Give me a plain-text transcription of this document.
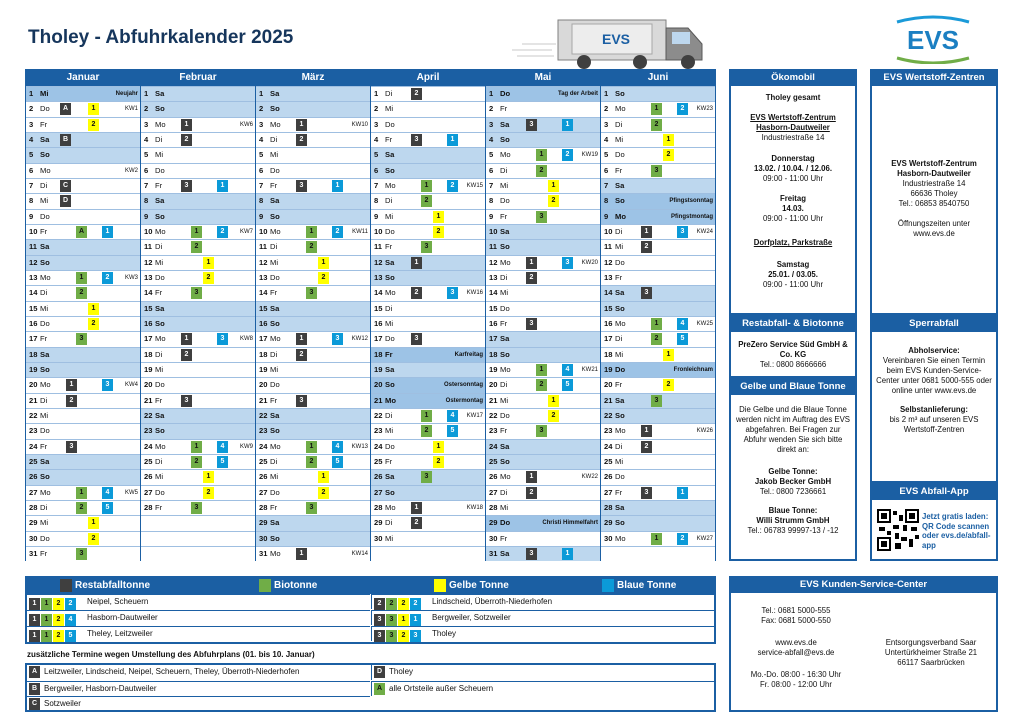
Tholey - Abfuhrkalender 2025	EVS	EVS
Januar
1 Mi	Neujahr
2 Do	A	1	KW1
3 Fr	2
4 Sa	B
5 So
6 Mo	KW2
7 Di	C
8 Mi	D
9 Do
10 Fr	A	1
11 Sa
12 So
13 Mo	1	2	KW3
14 Di	2
15 Mi	1
16 Do	2
17 Fr	3
18 Sa
19 So
20 Mo	1	3	KW4
21 Di	2
22 Mi
23 Do
24 Fr	3
25 Sa
26 So
27 Mo	1	4	KW5
28 Di	2	5
29 Mi	1
30 Do	2
31 Fr	3
Februar
1 Sa
2 So
3 Mo	1	KW6
4 Di	2
5 Mi
6 Do
7 Fr	3	1
8 Sa
9 So
10 Mo	1	2	KW7
11 Di	2
12 Mi	1
13 Do	2
14 Fr	3
15 Sa
16 So
17 Mo	1	3	KW8
18 Di	2
19 Mi
20 Do
21 Fr	3
22 Sa
23 So
24 Mo	1	4	KW9
25 Di	2	5
26 Mi	1
27 Do	2
28 Fr	3
März
1 Sa
2 So
3 Mo	1	KW10
4 Di	2
5 Mi
6 Do
7 Fr	3	1
8 Sa
9 So
10 Mo	1	2	KW11
11 Di	2
12 Mi	1
13 Do	2
14 Fr	3
15 Sa
16 So
17 Mo	1	3	KW12
18 Di	2
19 Mi
20 Do
21 Fr	3
22 Sa
23 So
24 Mo	1	4	KW13
25 Di	2	5
26 Mi	1
27 Do	2
28 Fr	3
29 Sa
30 So
31 Mo	1	KW14
April
1 Di	2
2 Mi
3 Do
4 Fr	3	1
5 Sa
6 So
7 Mo	1	2	KW15
8 Di	2
9 Mi	1
10 Do	2
11 Fr	3
12 Sa	1
13 So
14 Mo	2	3	KW16
15 Di
16 Mi
17 Do	3
18 Fr	Karfreitag
19 Sa
20 So	Ostersonntag
21 Mo	Ostermontag
22 Di	1	4	KW17
23 Mi	2	5
24 Do	1
25 Fr	2
26 Sa	3
27 So
28 Mo	1	KW18
29 Di	2
30 Mi
Mai
1 Do	Tag der Arbeit
2 Fr
3 Sa	3	1
4 So
5 Mo	1	2	KW19
6 Di	2
7 Mi	1
8 Do	2
9 Fr	3
10 Sa
11 So
12 Mo	1	3	KW20
13 Di	2
14 Mi
15 Do
16 Fr	3
17 Sa
18 So
19 Mo	1	4	KW21
20 Di	2	5
21 Mi	1
22 Do	2
23 Fr	3
24 Sa
25 So
26 Mo	1	KW22
27 Di	2
28 Mi
29 Do	Christi Himmelfahrt
30 Fr
31 Sa	3	1
Juni
1 So
2 Mo	1	2	KW23
3 Di	2
4 Mi	1
5 Do	2
6 Fr	3
7 Sa
8 So	Pfingstsonntag
9 Mo	Pfingstmontag
10 Di	1	3	KW24
11 Mi	2
12 Do
13 Fr
14 Sa	3
15 So
16 Mo	1	4	KW25
17 Di	2	5
18 Mi	1
19 Do	Fronleichnam
20 Fr	2
21 Sa	3
22 So
23 Mo	1	KW26
24 Di	2
25 Mi
26 Do
27 Fr	3	1
28 Sa
29 So
30 Mo	1	2	KW27
Ökomobil
Tholey gesamt
EVS Wertstoff-Zentrum Hasborn-Dautweiler
Industriestraße 14
Donnerstag
13.02. / 10.04. / 12.06.
09:00 - 11:00 Uhr
Freitag
14.03.
09:00 - 11:00 Uhr
Dorfplatz, Parkstraße
Samstag
25.01. / 03.05.
09:00 - 11:00 Uhr
Restabfall- & Biotonne
PreZero Service Süd GmbH & Co. KG
Tel.: 0800 8666666
Gelbe und Blaue Tonne
Die Gelbe und die Blaue Tonne werden nicht im Auftrag des EVS abgefahren. Bei Fragen zur Abfuhr wenden Sie sich bitte direkt an:
Gelbe Tonne:
Jakob Becker GmbH
Tel.: 0800 7236661
Blaue Tonne:
Willi Strumm GmbH
Tel.: 06783 99997-13 / -12
EVS Wertstoff-Zentren
EVS Wertstoff-Zentrum Hasborn-Dautweiler
Industriestraße 14
66636 Tholey
Tel.: 06853 8540750
Öffnungszeiten unter
www.evs.de
Sperrabfall
Abholservice:
Vereinbaren Sie einen Termin beim EVS Kunden-Service-Center unter 0681 5000-555 oder online unter www.evs.de
Selbstanlieferung:
bis 2 m³ auf unseren EVS Wertstoff-Zentren
EVS Abfall-App
Jetzt gratis laden: QR Code scannen oder evs.de/abfall-app
Restabfalltonne	Biotonne	Gelbe Tonne	Blaue Tonne
1 1 2 2	Neipel, Scheuern
1 1 2 4	Hasborn-Dautweiler
1 1 2 5	Theley, Leitzweiler
2 2 2 2	Lindscheid, Überroth-Niederhofen
3 3 1 1	Bergweiler, Sotzweiler
3 3 2 3	Tholey
zusätzliche Termine wegen Umstellung des Abfuhrplans (01. bis 10. Januar)
A Leitzweiler, Lindscheid, Neipel, Scheuern, Theley, Überroth-Niederhofen
B Bergweiler, Hasborn-Dautweiler
C Sotzweiler
D Tholey
A alle Ortsteile außer Scheuern
EVS Kunden-Service-Center
Tel.: 0681 5000-555
Fax: 0681 5000-550
www.evs.de
service-abfall@evs.de
Mo.-Do. 08:00 - 16:30 Uhr
Fr. 08:00 - 12:00 Uhr
Entsorgungsverband Saar
Untertürkheimer Straße 21
66117 Saarbrücken
